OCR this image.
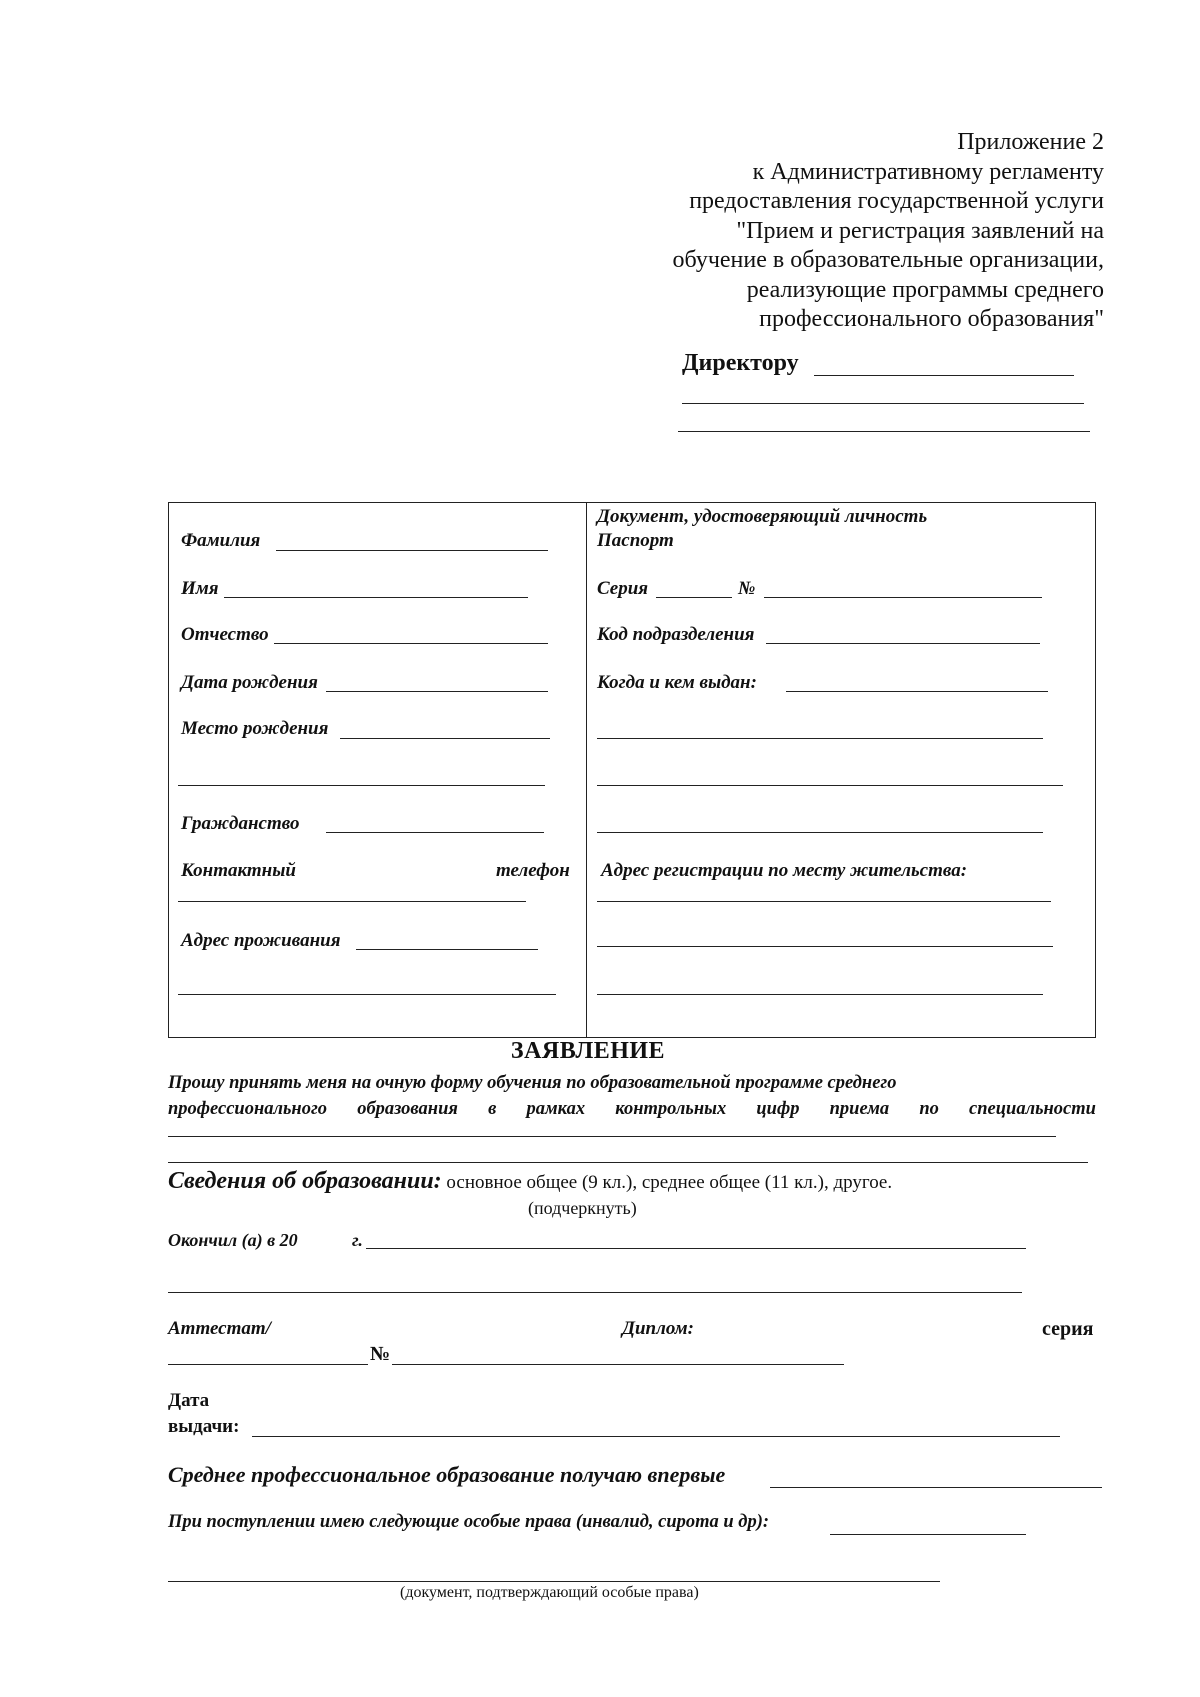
Приложение 2
к Административному регламенту
предоставления государственной услуги
"Прием и регистрация заявлений на
обучение в образовательные организации,
реализующие программы среднего
профессионального образования"
Директору
Фамилия
Имя
Отчество
Дата рождения
Место рождения
Гражданство
Контактный	телефон
Адрес проживания
Документ, удостоверяющий личность
Паспорт
Серия	№
Код подразделения
Когда и кем выдан:
Адрес регистрации по месту жительства:
ЗАЯВЛЕНИЕ
Прошу принять меня на очную форму обучения по образовательной программе среднего
профессионального образования в рамках контрольных цифр приема по специальности
Сведения об образовании: основное общее (9 кл.), среднее общее (11 кл.), другое.
(подчеркнуть)
Окончил (а) в 20	г.
Аттестат/	Диплом:	серия
№
Дата
выдачи:
Среднее профессиональное образование получаю впервые
При поступлении имею следующие особые права (инвалид, сирота и др):
(документ, подтверждающий особые права)
